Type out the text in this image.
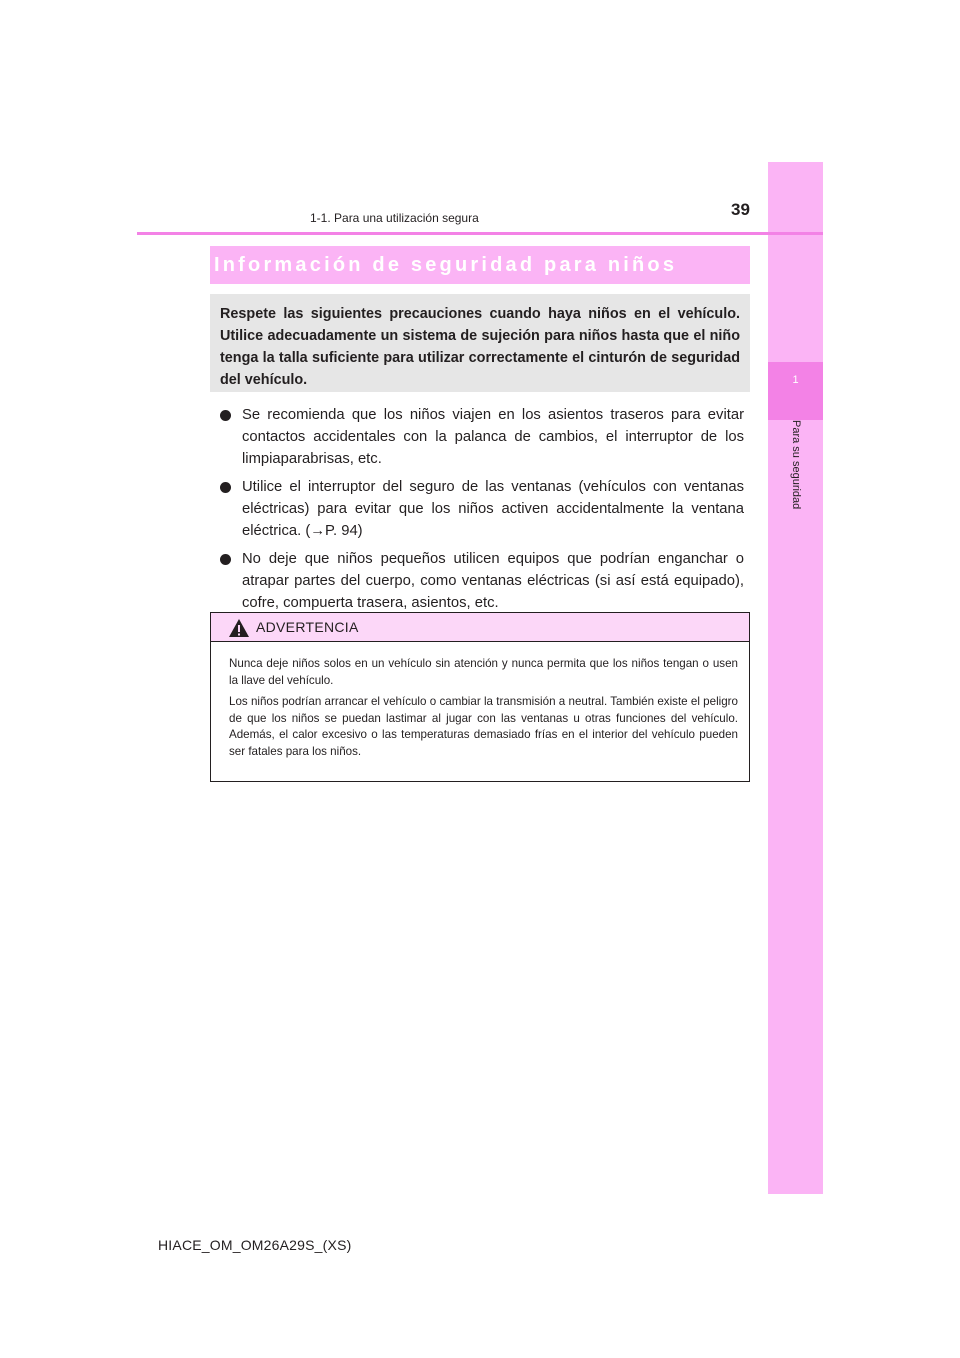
1
Para su seguridad
1-1. Para una utilización segura	39
Información de seguridad para niños

Respete las siguientes precauciones cuando haya niños en el vehículo. Utilice adecuadamente un sistema de sujeción para niños hasta que el niño tenga la talla suficiente para utilizar correctamente el cinturón de seguridad del vehículo.

Se recomienda que los niños viajen en los asientos traseros para evitar contactos accidentales con la palanca de cambios, el interruptor de los limpiaparabrisas, etc.
Utilice el interruptor del seguro de las ventanas (vehículos con ventanas eléctricas) para evitar que los niños activen accidentalmente la ventana eléctrica. (→P. 94)
No deje que niños pequeños utilicen equipos que podrían enganchar o atrapar partes del cuerpo, como ventanas eléctricas (si así está equipado), cofre, compuerta trasera, asientos, etc.
ADVERTENCIA

Nunca deje niños solos en un vehículo sin atención y nunca permita que los niños tengan o usen la llave del vehículo.

Los niños podrían arrancar el vehículo o cambiar la transmisión a neutral. También existe el peligro de que los niños se puedan lastimar al jugar con las ventanas u otras funciones del vehículo. Además, el calor excesivo o las temperaturas demasiado frías en el interior del vehículo pueden ser fatales para los niños.

HIACE_OM_OM26A29S_(XS)
